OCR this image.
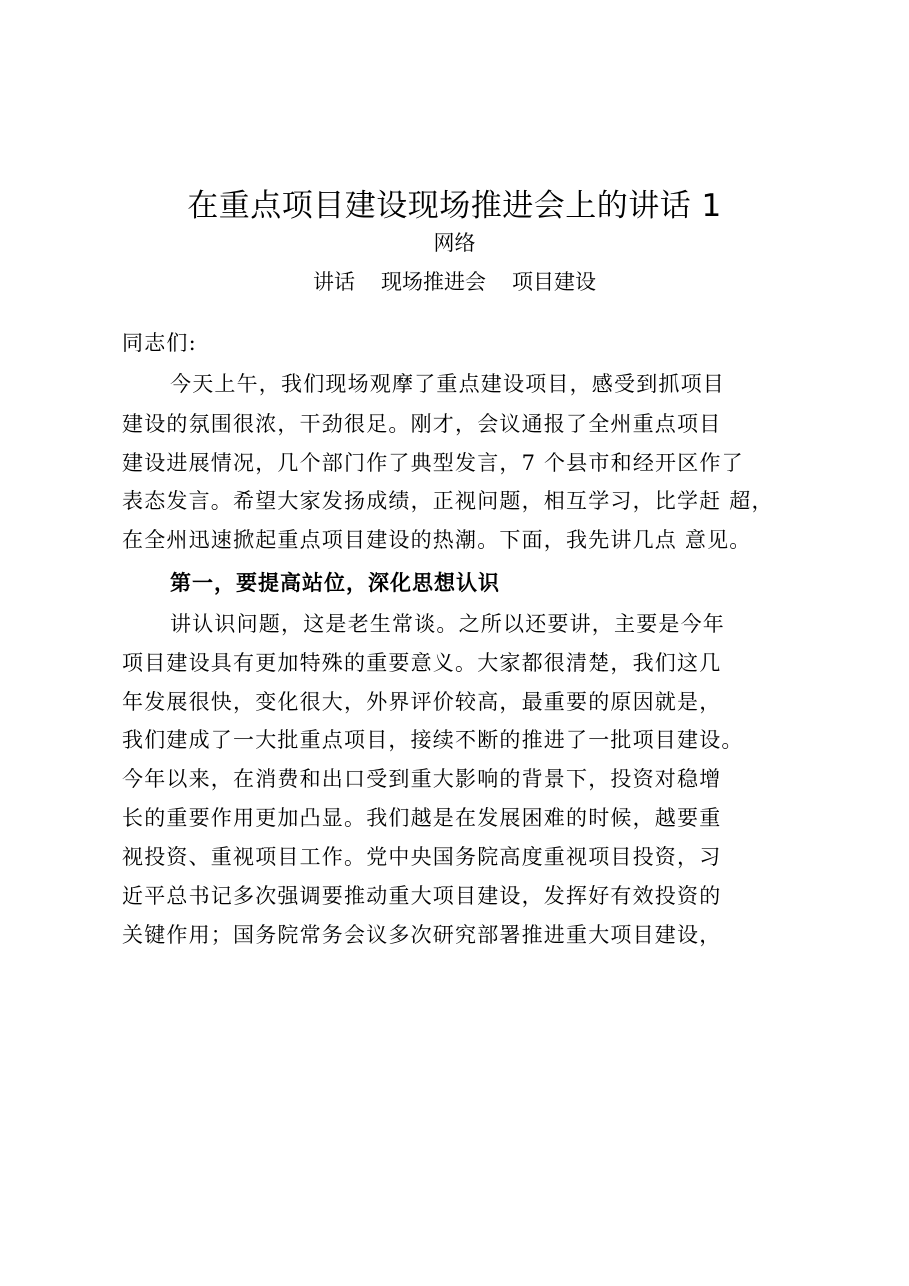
在重点项目建设现场推进会上的讲话 1
网络
讲话 现场推进会 项目建设

同志们:

今天上午，我们现场观摩了重点建设项目，感受到抓项目

建设的氛围很浓，干劲很足。刚才，会议通报了全州重点项目

建设进展情况，几个部门作了典型发言，7 个县市和经开区作了

表态发言。希望大家发扬成绩，正视问题，相互学习，比学赶 超，

在全州迅速掀起重点项目建设的热潮。下面，我先讲几点 意见。

第一，要提高站位，深化思想认识

讲认识问题，这是老生常谈。之所以还要讲，主要是今年

项目建设具有更加特殊的重要意义。大家都很清楚，我们这几

年发展很快，变化很大，外界评价较高，最重要的原因就是，

我们建成了一大批重点项目，接续不断的推进了一批项目建设。

今年以来，在消费和出口受到重大影响的背景下，投资对稳增

长的重要作用更加凸显。我们越是在发展困难的时候，越要重

视投资、重视项目工作。党中央国务院高度重视项目投资，习

近平总书记多次强调要推动重大项目建设，发挥好有效投资的

关键作用；国务院常务会议多次研究部署推进重大项目建设，
